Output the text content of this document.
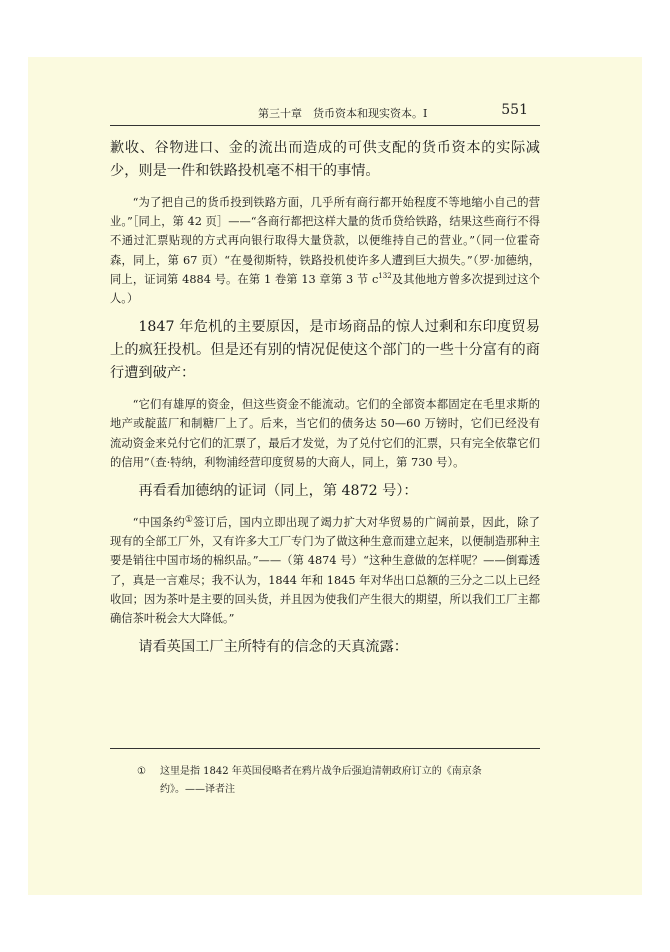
第三十章　货币资本和现实资本。Ⅰ	551

歉收、谷物进口、金的流出而造成的可供支配的货币资本的实际减少，则是一件和铁路投机毫不相干的事情。

“为了把自己的货币投到铁路方面，几乎所有商行都开始程度不等地缩小自己的营业。”［同上，第 42 页］——“各商行都把这样大量的货币贷给铁路，结果这些商行不得不通过汇票贴现的方式再向银行取得大量贷款，以便维持自己的营业。”（同一位霍奇森，同上，第 67 页）“在曼彻斯特，铁路投机使许多人遭到巨大损失。”（罗·加德纳，同上，证词第 4884 号。在第 1 卷第 13 章第 3 节 $c^{132}$及其他地方曾多次提到过这个人。）

1847 年危机的主要原因，是市场商品的惊人过剩和东印度贸易上的疯狂投机。但是还有别的情况促使这个部门的一些十分富有的商行遭到破产：

“它们有雄厚的资金，但这些资金不能流动。它们的全部资本都固定在毛里求斯的地产或靛蓝厂和制糖厂上了。后来，当它们的债务达 50—60 万镑时，它们已经没有流动资金来兑付它们的汇票了，最后才发觉，为了兑付它们的汇票，只有完全依靠它们的信用”（查·特纳，利物浦经营印度贸易的大商人，同上，第 730 号）。

再看看加德纳的证词（同上，第 4872 号）：

“中国条约①签订后，国内立即出现了竭力扩大对华贸易的广阔前景，因此，除了现有的全部工厂外，又有许多大工厂专门为了做这种生意而建立起来，以便制造那种主要是销往中国市场的棉织品。”——（第 4874 号）“这种生意做的怎样呢？——倒霉透了，真是一言难尽；我不认为，1844 年和 1845 年对华出口总额的三分之二以上已经收回；因为茶叶是主要的回头货，并且因为使我们产生很大的期望，所以我们工厂主都确信茶叶税会大大降低。”

请看英国工厂主所特有的信念的天真流露：

① 这里是指 1842 年英国侵略者在鸦片战争后强迫清朝政府订立的《南京条约》。——译者注
